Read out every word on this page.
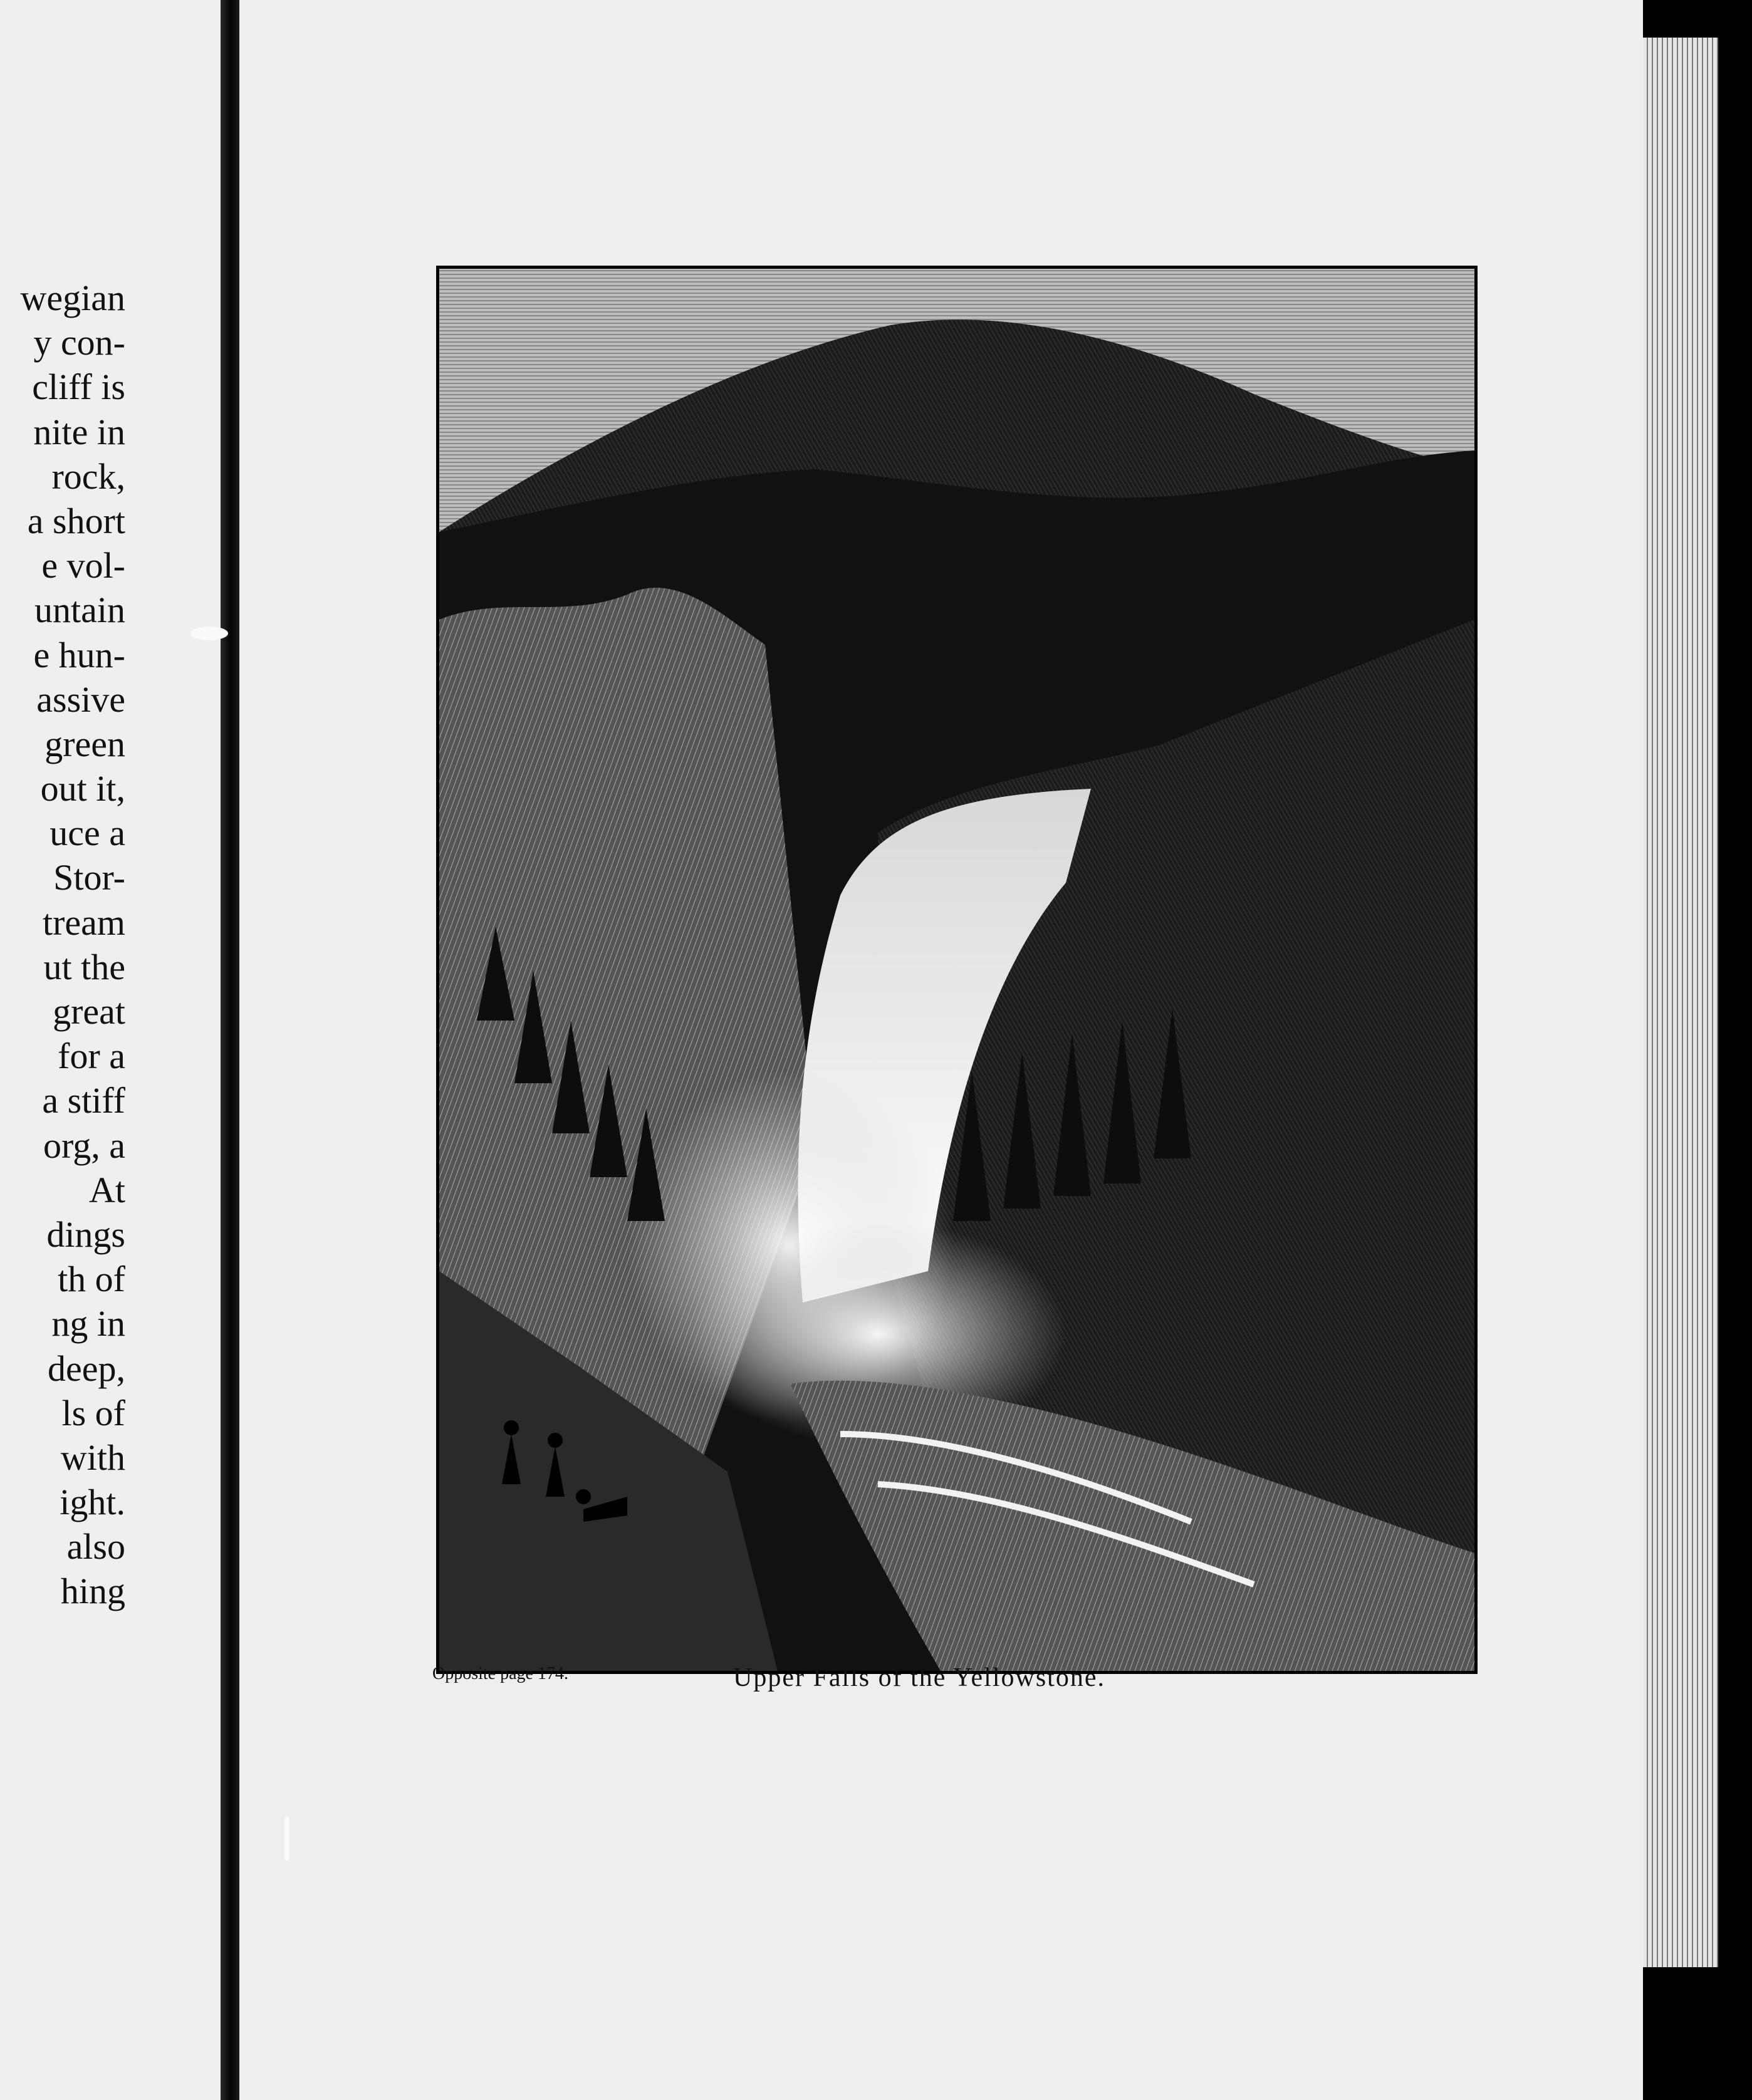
wegian
y con-
cliff is
nite in
rock,
a short
e vol-
untain
e hun-
assive
green
out it,
uce a
Stor-
tream
ut the
great
for a
a stiff
org, a
At
dings
th of
ng in
deep,
ls of
with
ight.
also
hing
Opposite page 174.	Upper Falls of the Yellowstone.
